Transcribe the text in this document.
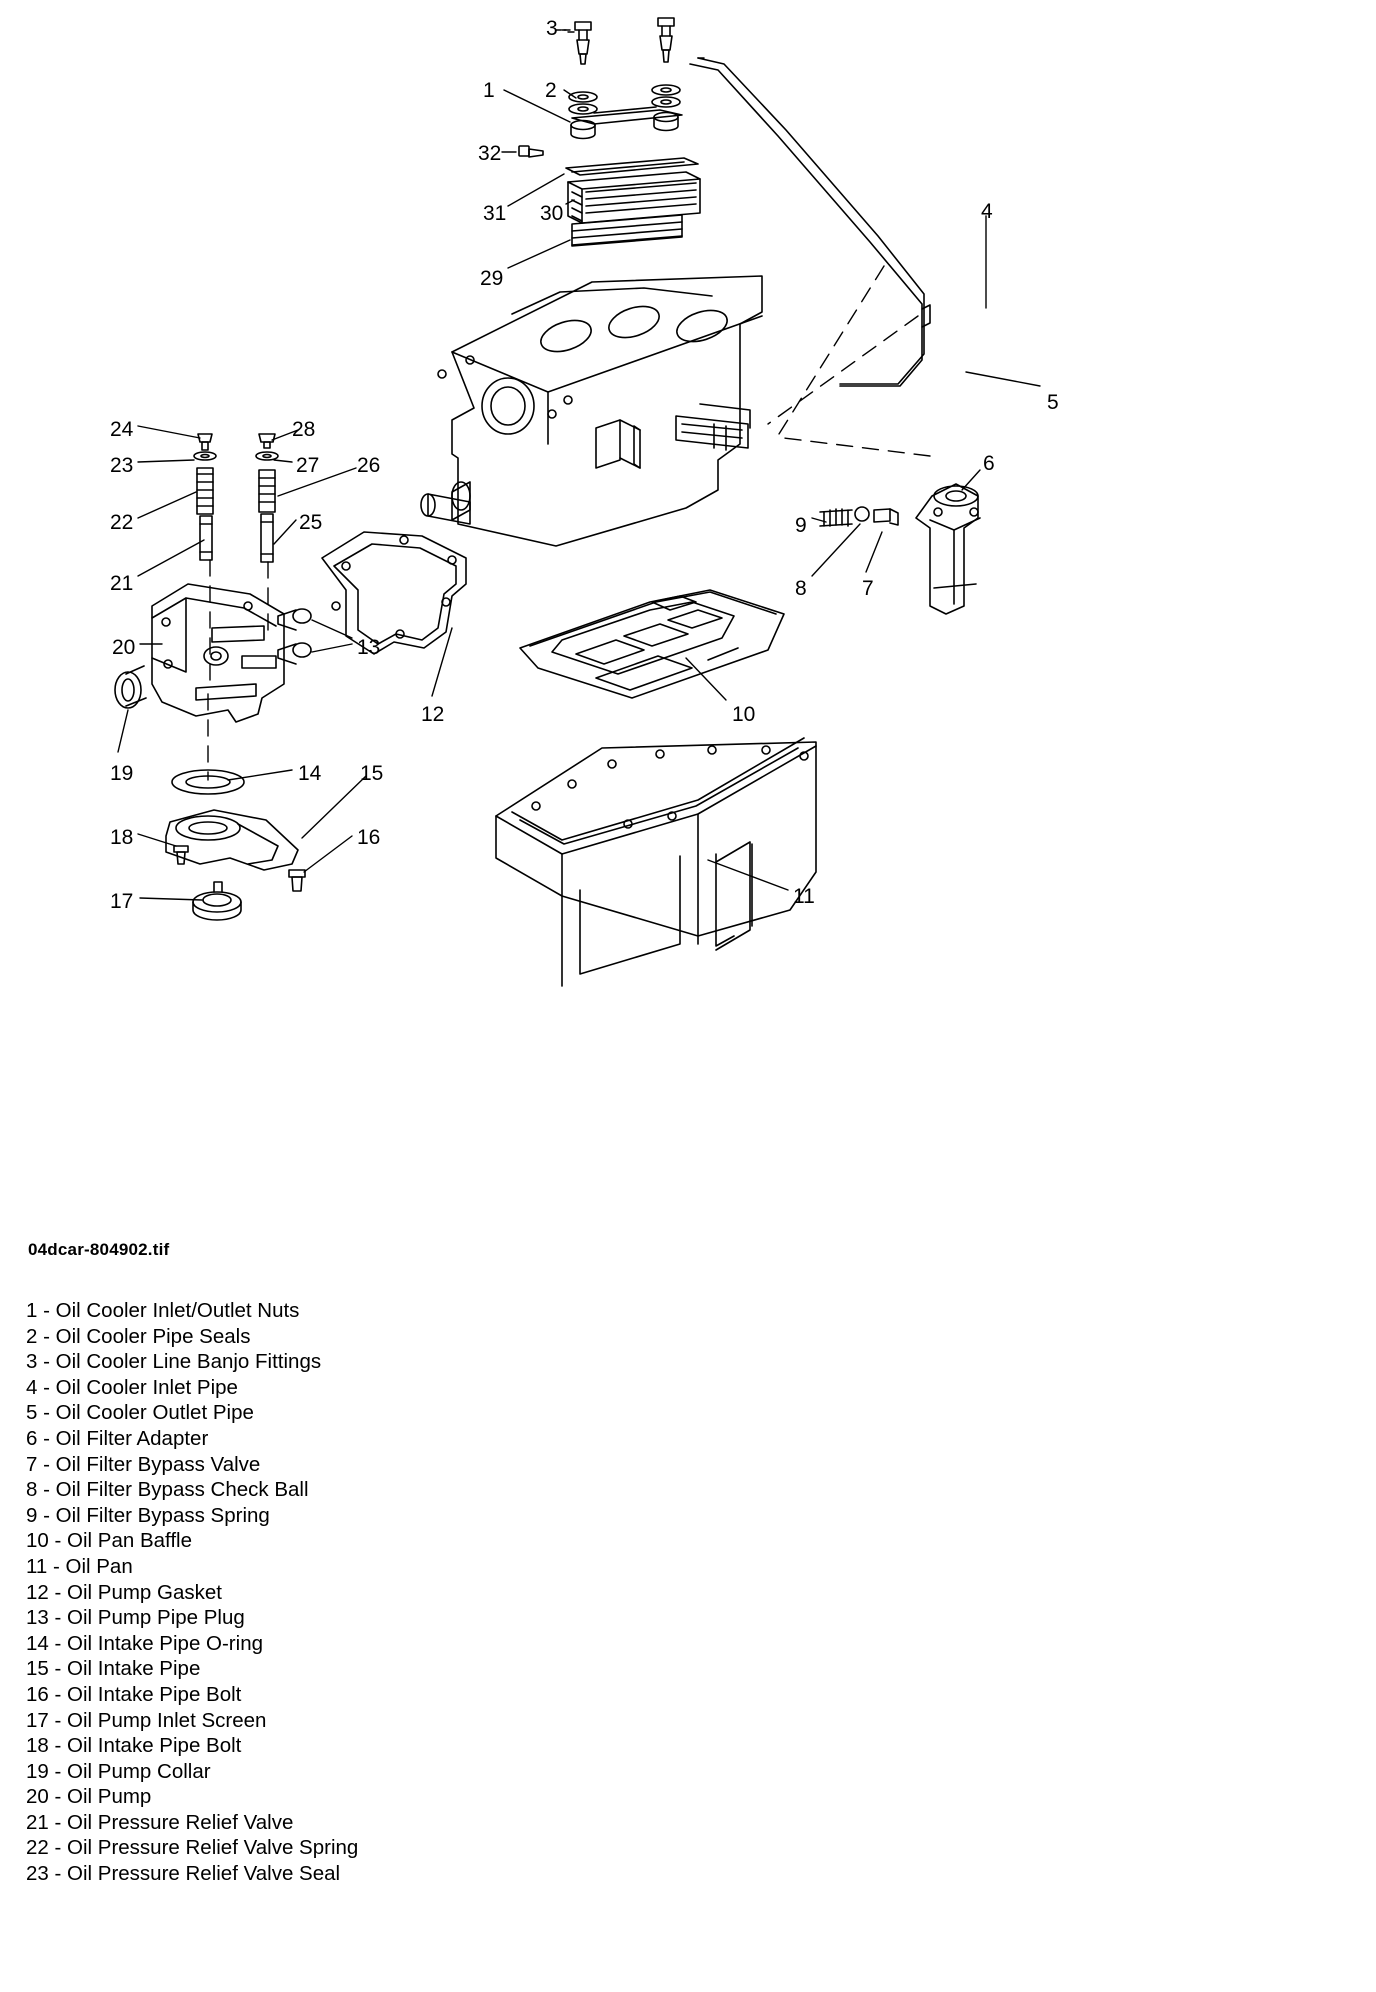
3
1 2
32
31 30
29
4
5
6
24	28
23	27 26
22	25
21
9
8	7
20	13
12	10
19	14 15
18	16
17	11
04dcar-804902.tif
1 - Oil Cooler Inlet/Outlet Nuts
2 - Oil Cooler Pipe Seals
3 - Oil Cooler Line Banjo Fittings
4 - Oil Cooler Inlet Pipe
5 - Oil Cooler Outlet Pipe
6 - Oil Filter Adapter
7 - Oil Filter Bypass Valve
8 - Oil Filter Bypass Check Ball
9 - Oil Filter Bypass Spring
10 - Oil Pan Baffle
11 - Oil Pan
12 - Oil Pump Gasket
13 - Oil Pump Pipe Plug
14 - Oil Intake Pipe O-ring
15 - Oil Intake Pipe
16 - Oil Intake Pipe Bolt
17 - Oil Pump Inlet Screen
18 - Oil Intake Pipe Bolt
19 - Oil Pump Collar
20 - Oil Pump
21 - Oil Pressure Relief Valve
22 - Oil Pressure Relief Valve Spring
23 - Oil Pressure Relief Valve Seal
